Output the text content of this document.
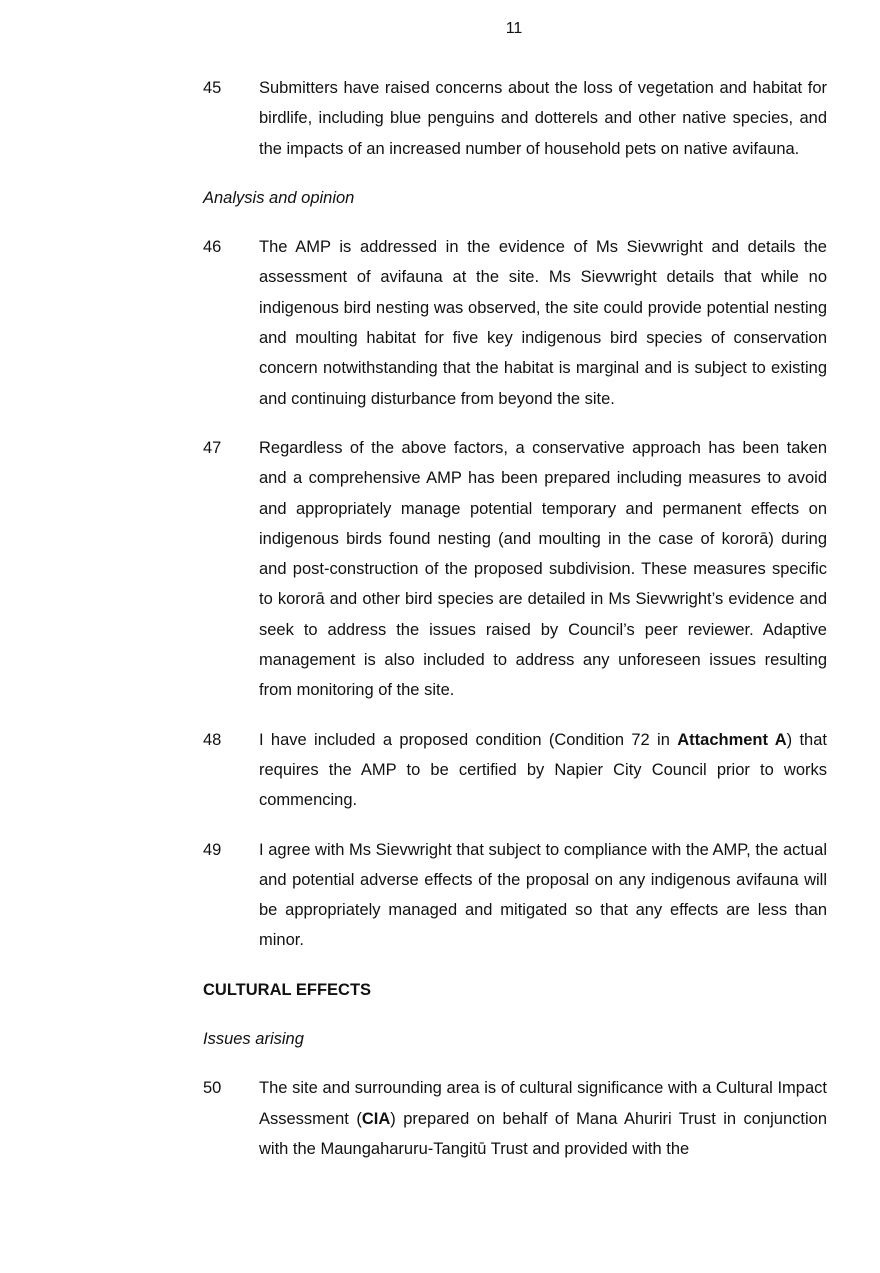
11
45	Submitters have raised concerns about the loss of vegetation and habitat for birdlife, including blue penguins and dotterels and other native species, and the impacts of an increased number of household pets on native avifauna.
Analysis and opinion
46	The AMP is addressed in the evidence of Ms Sievwright and details the assessment of avifauna at the site. Ms Sievwright details that while no indigenous bird nesting was observed, the site could provide potential nesting and moulting habitat for five key indigenous bird species of conservation concern notwithstanding that the habitat is marginal and is subject to existing and continuing disturbance from beyond the site.
47	Regardless of the above factors, a conservative approach has been taken and a comprehensive AMP has been prepared including measures to avoid and appropriately manage potential temporary and permanent effects on indigenous birds found nesting (and moulting in the case of kororā) during and post-construction of the proposed subdivision. These measures specific to kororā and other bird species are detailed in Ms Sievwright’s evidence and seek to address the issues raised by Council’s peer reviewer. Adaptive management is also included to address any unforeseen issues resulting from monitoring of the site.
48	I have included a proposed condition (Condition 72 in Attachment A) that requires the AMP to be certified by Napier City Council prior to works commencing.
49	I agree with Ms Sievwright that subject to compliance with the AMP, the actual and potential adverse effects of the proposal on any indigenous avifauna will be appropriately managed and mitigated so that any effects are less than minor.
CULTURAL EFFECTS
Issues arising
50	The site and surrounding area is of cultural significance with a Cultural Impact Assessment (CIA) prepared on behalf of Mana Ahuriri Trust in conjunction with the Maungaharuru-Tangitū Trust and provided with the
